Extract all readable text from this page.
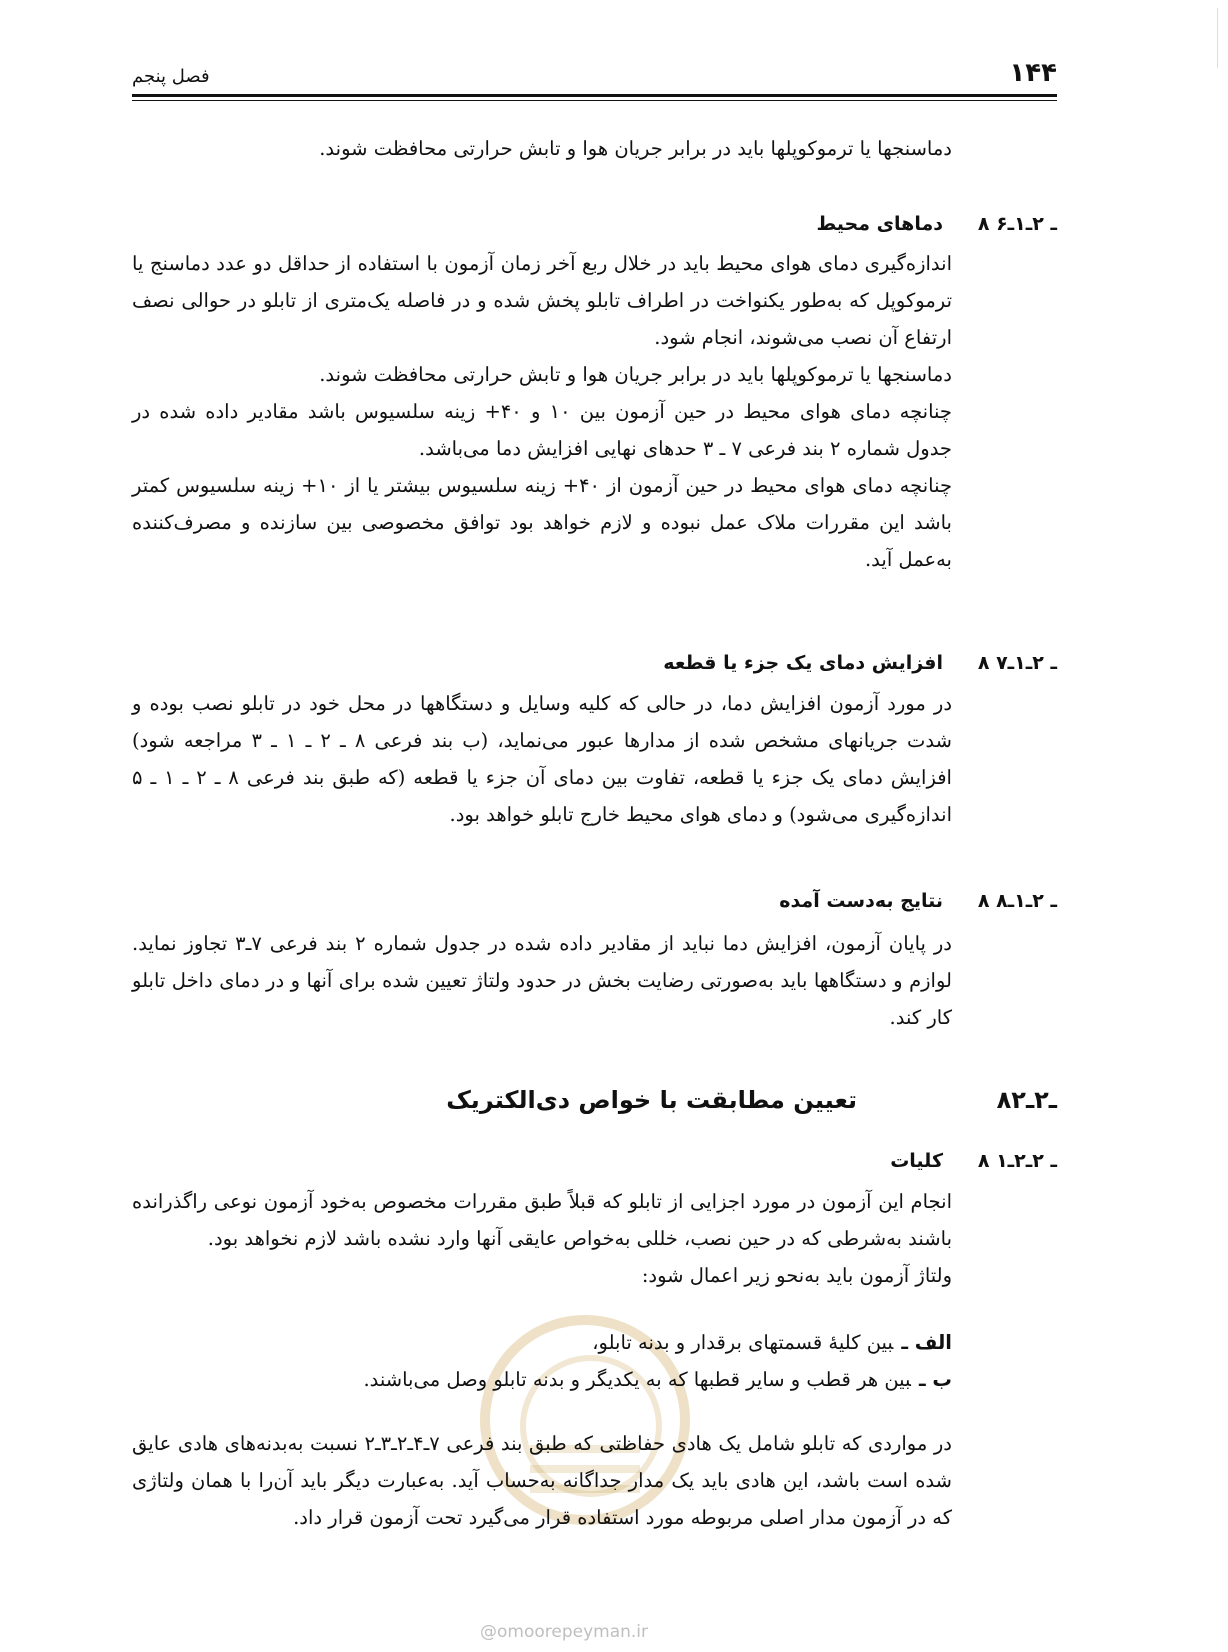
۱۴۴
فصل پنجم

دماسنجها یا ترموکوپلها باید در برابر جریان هوا و تابش حرارتی محافظت شوند.

۸ ـ ۲ـ۱ـ۶دماهای محیط

اندازه‌گیری دمای هوای محیط باید در خلال ربع آخر زمان آزمون با استفاده از حداقل دو عدد دماسنج یا ترموکوپل که به‌طور یکنواخت در اطراف تابلو پخش شده و در فاصله یک‌متری از تابلو در حوالی نصف ارتفاع آن نصب می‌شوند، انجام شود.

دماسنجها یا ترموکوپلها باید در برابر جریان هوا و تابش حرارتی محافظت شوند.

چنانچه دمای هوای محیط در حین آزمون بین ۱۰ و ۴۰+ زینه سلسیوس باشد مقادیر داده شده در جدول شماره ۲ بند فرعی ۷ ـ ۳ حدهای نهایی افزایش دما می‌باشد.

چنانچه دمای هوای محیط در حین آزمون از ۴۰+ زینه سلسیوس بیشتر یا از ۱۰+ زینه سلسیوس کمتر باشد این مقررات ملاک عمل نبوده و لازم خواهد بود توافق مخصوصی بین سازنده و مصرف‌کننده به‌عمل آید.

۸ ـ ۲ـ۱ـ۷افزایش دمای یک جزء یا قطعه

در مورد آزمون افزایش دما، در حالی که کلیه وسایل و دستگاهها در محل خود در تابلو نصب بوده و شدت جریانهای مشخص شده از مدارها عبور می‌نماید، (ب بند فرعی ۸ ـ ۲ ـ ۱ ـ ۳ مراجعه شود) افزایش دمای یک جزء یا قطعه، تفاوت بین دمای آن جزء یا قطعه (که طبق بند فرعی ۸ ـ ۲ ـ ۱ ـ ۵ اندازه‌گیری می‌شود) و دمای هوای محیط خارج تابلو خواهد بود.

۸ ـ ۲ـ۱ـ۸نتایج به‌دست آمده

در پایان آزمون، افزایش دما نباید از مقادیر داده شده در جدول شماره ۲ بند فرعی ۷ـ۳ تجاوز نماید. لوازم و دستگاهها باید به‌صورتی رضایت بخش در حدود ولتاژ تعیین شده برای آنها و در دمای داخل تابلو کار کند.

۸ـ۲ـ۲تعیین مطابقت با خواص دی‌الکتریک
۸ ـ ۲ـ۲ـ۱کلیات

انجام این آزمون در مورد اجزایی از تابلو که قبلاً طبق مقررات مخصوص به‌خود آزمون نوعی راگذرانده باشند به‌شرطی که در حین نصب، خللی به‌خواص عایقی آنها وارد نشده باشد لازم نخواهد بود.

ولتاژ آزمون باید به‌نحو زیر اعمال شود:

الف ـبین کلیهٔ قسمتهای برقدار و بدنه تابلو،
ب ـبین هر قطب و سایر قطبها که به یکدیگر و بدنه تابلو وصل می‌باشند.

در مواردی که تابلو شامل یک هادی حفاظتی که طبق بند فرعی ۷ـ۴ـ۲ـ۳ـ۲ نسبت به‌بدنه‌های هادی عایق شده است باشد، این هادی باید یک مدار جداگانه به‌حساب آید. به‌عبارت دیگر باید آن‌را با همان ولتاژی که در آزمون مدار اصلی مربوطه مورد استفاده قرار می‌گیرد تحت آزمون قرار داد.

@omoorepeyman.ir
